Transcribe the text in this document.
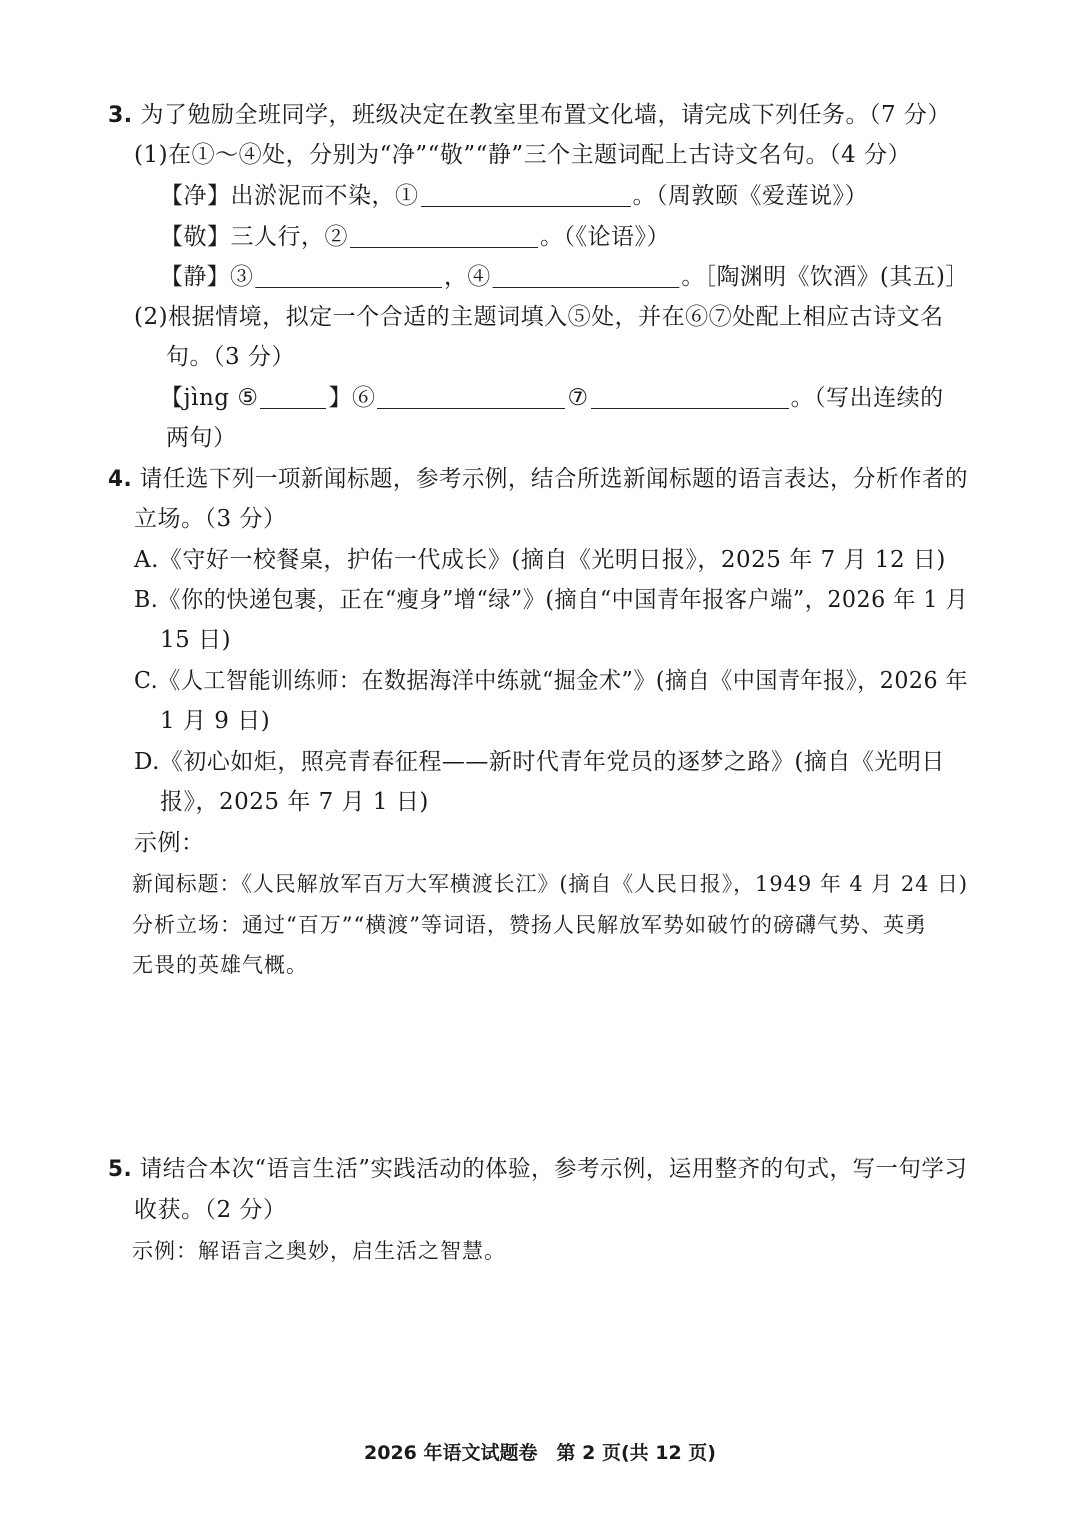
3. 为了勉励全班同学，班级决定在教室里布置文化墙，请完成下列任务。（7 分）
(1)在①～④处，分别为“净”“敬”“静”三个主题词配上古诗文名句。（4 分）
【净】出淤泥而不染，①	。（周敦颐《爱莲说》）
【敬】三人行，②	。（《论语》）
【静】③	，④	。［陶渊明《饮酒》(其五)］
(2)根据情境，拟定一个合适的主题词填入⑤处，并在⑥⑦处配上相应古诗文名
句。（3 分）
【jìng ⑤	】⑥	⑦	。（写出连续的
两句）
4. 请任选下列一项新闻标题，参考示例，结合所选新闻标题的语言表达，分析作者的
立场。（3 分）
A.《守好一校餐桌，护佑一代成长》(摘自《光明日报》，2025 年 7 月 12 日)
B.《你的快递包裹，正在“瘦身”增“绿”》(摘自“中国青年报客户端”，2026 年 1 月
15 日)
C.《人工智能训练师：在数据海洋中练就“掘金术”》(摘自《中国青年报》，2026 年
1 月 9 日)
D.《初心如炬，照亮青春征程——新时代青年党员的逐梦之路》(摘自《光明日
报》，2025 年 7 月 1 日)
示例：
新闻标题：《人民解放军百万大军横渡长江》(摘自《人民日报》，1949 年 4 月 24 日)
分析立场：通过“百万”“横渡”等词语，赞扬人民解放军势如破竹的磅礴气势、英勇
无畏的英雄气概。
5. 请结合本次“语言生活”实践活动的体验，参考示例，运用整齐的句式，写一句学习
收获。（2 分）
示例：解语言之奥妙，启生活之智慧。
2026 年语文试题卷　第 2 页(共 12 页)
